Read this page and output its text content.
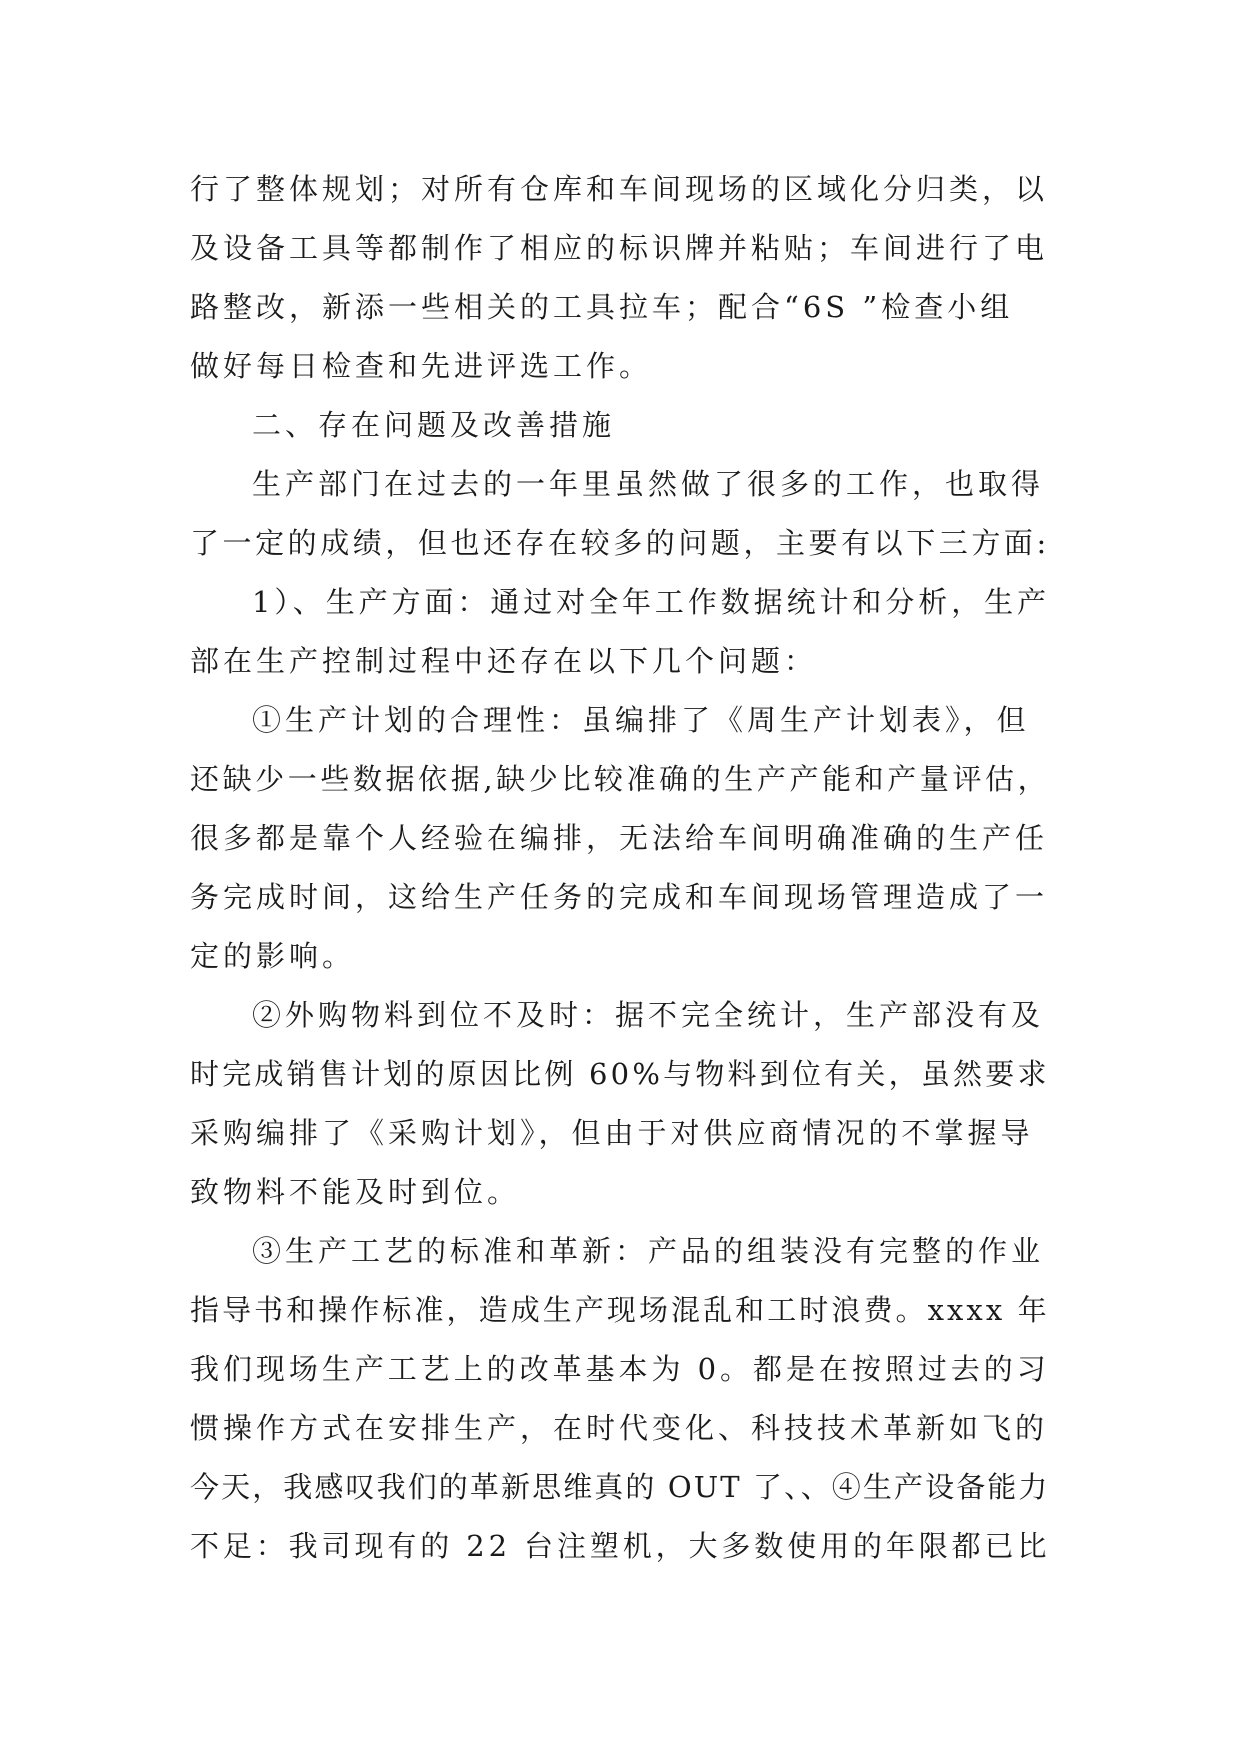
行了整体规划；对所有仓库和车间现场的区域化分归类，以
及设备工具等都制作了相应的标识牌并粘贴；车间进行了电
路整改，新添一些相关的工具拉车；配合“6S ”检查小组
做好每日检查和先进评选工作。
二、存在问题及改善措施
生产部门在过去的一年里虽然做了很多的工作，也取得
了一定的成绩，但也还存在较多的问题，主要有以下三方面:
1）、生产方面：通过对全年工作数据统计和分析，生产
部在生产控制过程中还存在以下几个问题：
①生产计划的合理性：虽编排了《周生产计划表》，但
还缺少一些数据依据,缺少比较准确的生产产能和产量评估，
很多都是靠个人经验在编排，无法给车间明确准确的生产任
务完成时间，这给生产任务的完成和车间现场管理造成了一
定的影响。
②外购物料到位不及时：据不完全统计，生产部没有及
时完成销售计划的原因比例 60%与物料到位有关，虽然要求
采购编排了《采购计划》，但由于对供应商情况的不掌握导
致物料不能及时到位。
③生产工艺的标准和革新：产品的组装没有完整的作业
指导书和操作标准，造成生产现场混乱和工时浪费。xxxx 年
我们现场生产工艺上的改革基本为 0。都是在按照过去的习
惯操作方式在安排生产，在时代变化、科技技术革新如飞的
今天，我感叹我们的革新思维真的 OUT 了、、④生产设备能力
不足：我司现有的 22 台注塑机，大多数使用的年限都已比
